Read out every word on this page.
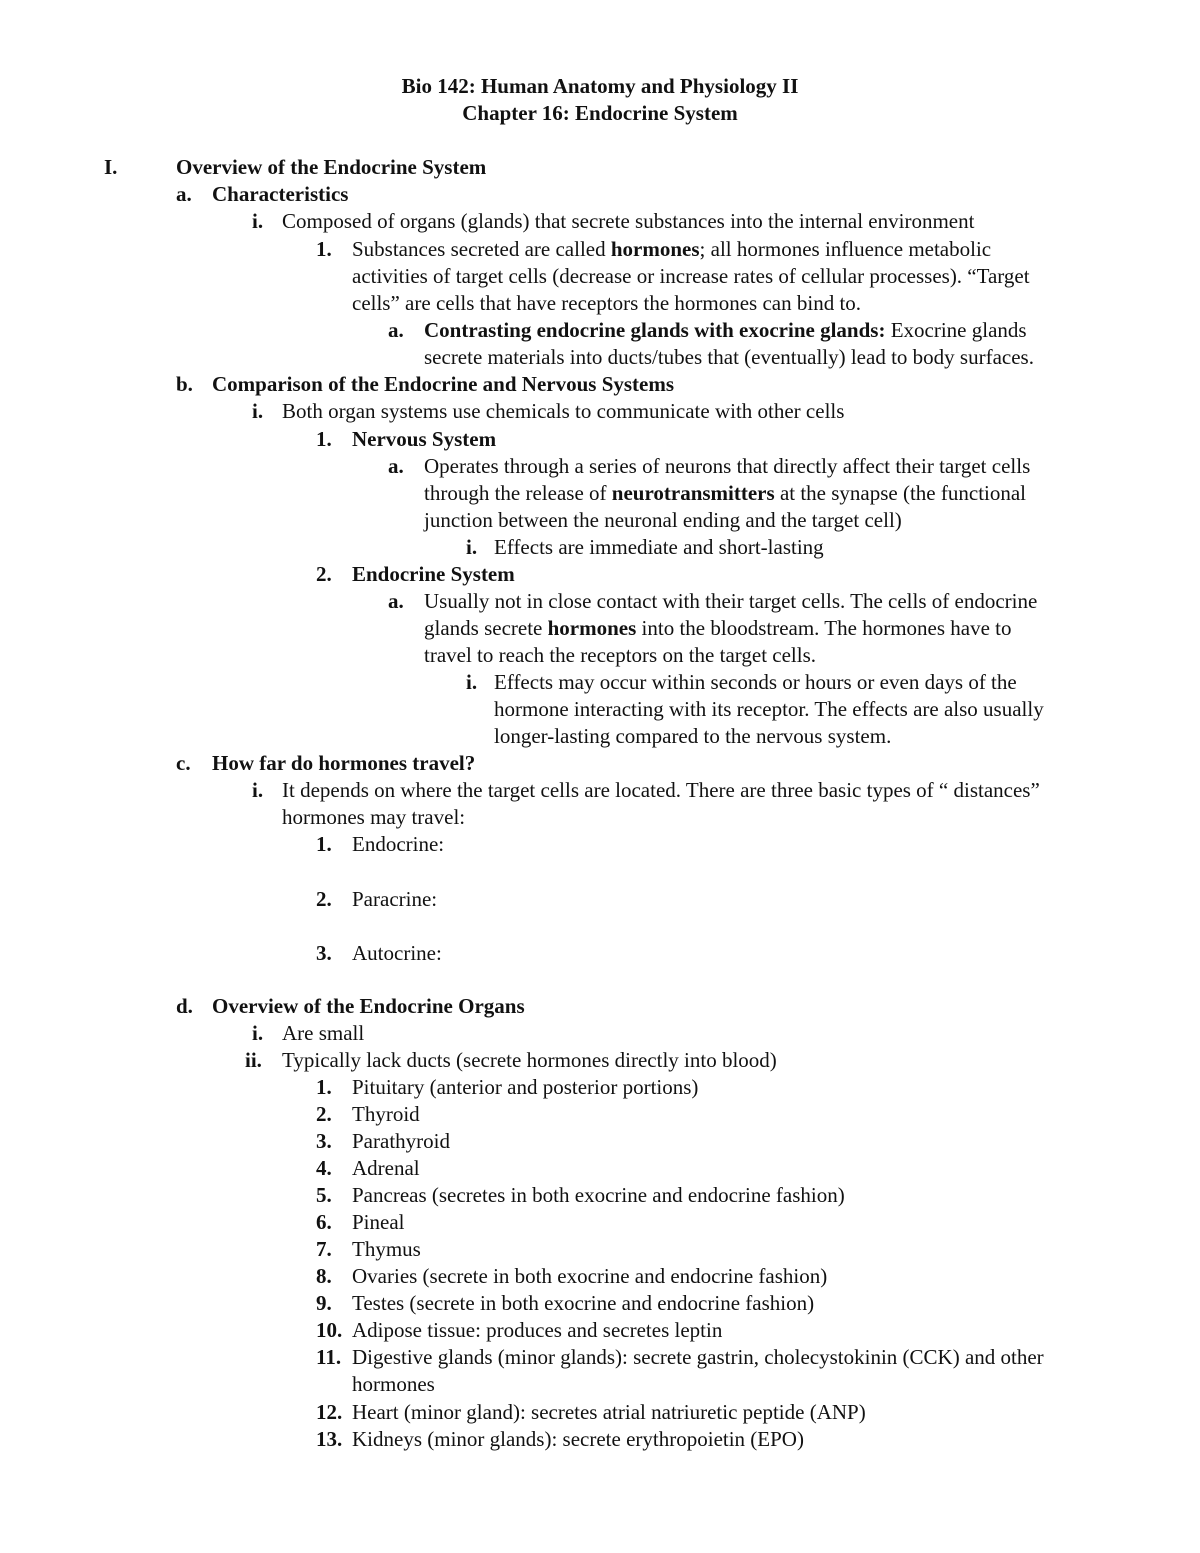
Bio 142: Human Anatomy and Physiology II
Chapter 16: Endocrine System
I.	Overview of the Endocrine System
a. Characteristics
i. Composed of organs (glands) that secrete substances into the internal environment
1. Substances secreted are called hormones; all hormones influence metabolic
activities of target cells (decrease or increase rates of cellular processes). “Target
cells” are cells that have receptors the hormones can bind to.
a. Contrasting endocrine glands with exocrine glands: Exocrine glands
secrete materials into ducts/tubes that (eventually) lead to body surfaces.
b. Comparison of the Endocrine and Nervous Systems
i. Both organ systems use chemicals to communicate with other cells
1. Nervous System
a. Operates through a series of neurons that directly affect their target cells
through the release of neurotransmitters at the synapse (the functional
junction between the neuronal ending and the target cell)
i. Effects are immediate and short-lasting
2. Endocrine System
a. Usually not in close contact with their target cells. The cells of endocrine
glands secrete hormones into the bloodstream. The hormones have to
travel to reach the receptors on the target cells.
i. Effects may occur within seconds or hours or even days of the
hormone interacting with its receptor. The effects are also usually
longer-lasting compared to the nervous system.
c. How far do hormones travel?
i. It depends on where the target cells are located. There are three basic types of “ distances”
hormones may travel:
1. Endocrine:
2. Paracrine:
3. Autocrine:
d. Overview of the Endocrine Organs
i. Are small
ii. Typically lack ducts (secrete hormones directly into blood)
1. Pituitary (anterior and posterior portions)
2. Thyroid
3. Parathyroid
4. Adrenal
5. Pancreas (secretes in both exocrine and endocrine fashion)
6. Pineal
7. Thymus
8. Ovaries (secrete in both exocrine and endocrine fashion)
9. Testes (secrete in both exocrine and endocrine fashion)
10. Adipose tissue: produces and secretes leptin
11. Digestive glands (minor glands): secrete gastrin, cholecystokinin (CCK) and other
hormones
12. Heart (minor gland): secretes atrial natriuretic peptide (ANP)
13. Kidneys (minor glands): secrete erythropoietin (EPO)
